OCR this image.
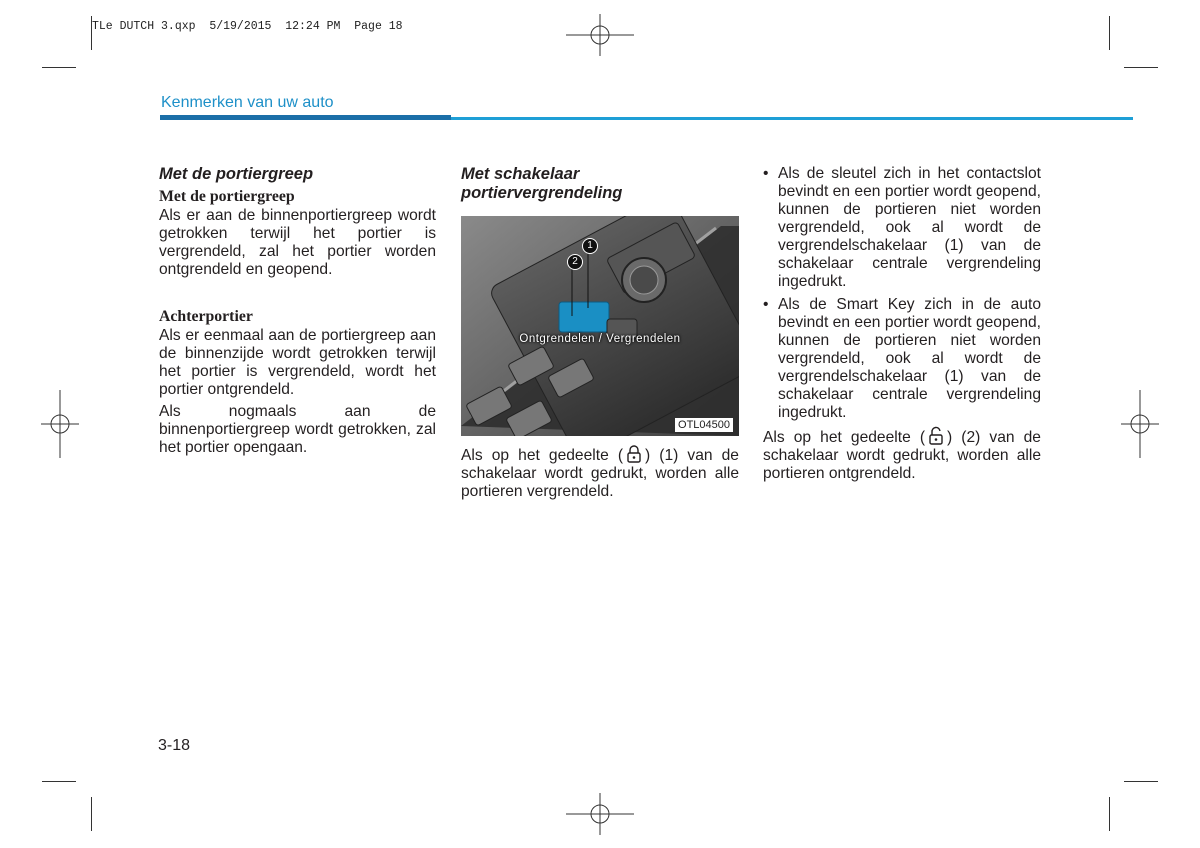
TLe DUTCH 3.qxp  5/19/2015  12:24 PM  Page 18
Kenmerken van uw auto

Met de portiergreep

Met de portiergreep

Als er aan de binnenportiergreep wordt getrokken terwijl het portier is vergrendeld, zal het portier worden ontgrendeld en geopend.

Achterportier

Als er eenmaal aan de portiergreep aan de binnenzijde wordt getrokken terwijl het portier is vergrendeld, wordt het portier ontgrendeld.

Als nogmaals aan de binnenportiergreep wordt getrokken, zal het portier opengaan.

Met schakelaar

portiervergrendeling

2
1
Ontgrendelen / Vergrendelen
OTL04500

Als op het gedeelte ( ) (1) van de schakelaar wordt gedrukt, worden alle portieren vergrendeld.

• Als de sleutel zich in het contactslot bevindt en een portier wordt geopend, kunnen de portieren niet worden vergrendeld, ook al wordt de vergrendelschakelaar (1) van de schakelaar centrale vergrendeling ingedrukt.
• Als de Smart Key zich in de auto bevindt en een portier wordt geopend, kunnen de portieren niet worden vergrendeld, ook al wordt de vergrendelschakelaar (1) van de schakelaar centrale vergrendeling ingedrukt.

Als op het gedeelte ( ) (2) van de schakelaar wordt gedrukt, worden alle portieren ontgrendeld.

3-18
